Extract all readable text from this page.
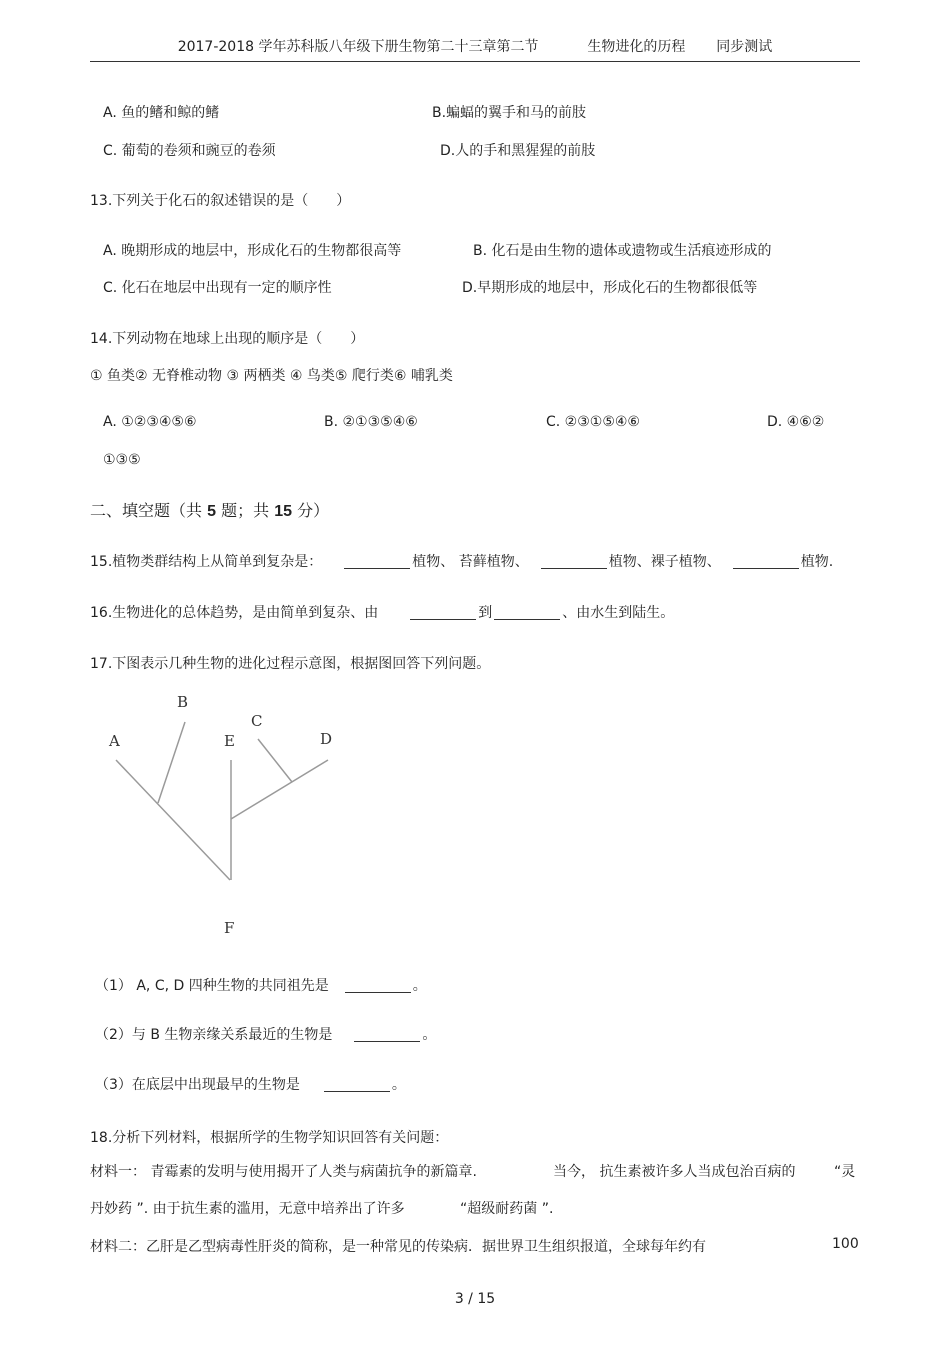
2017-2018 学年苏科版八年级下册生物第二十三章第二节	生物进化的历程 同步测试
A. 鱼的鳍和鲸的鳍	B.蝙蝠的翼手和马的前肢
C. 葡萄的卷须和豌豆的卷须	D.人的手和黑猩猩的前肢
13.下列关于化石的叙述错误的是（　　）
A. 晚期形成的地层中，形成化石的生物都很高等	B. 化石是由生物的遗体或遗物或生活痕迹形成的
C. 化石在地层中出现有一定的顺序性	D.早期形成的地层中，形成化石的生物都很低等
14.下列动物在地球上出现的顺序是（　　）
① 鱼类② 无脊椎动物 ③ 两栖类 ④ 鸟类⑤ 爬行类⑥ 哺乳类
A. ①②③④⑤⑥	B. ②①③⑤④⑥	C. ②③①⑤④⑥	D. ④⑥②
①③⑤
二、填空题（共 5 题；共 15 分）
15.植物类群结构上从简单到复杂是：	植物、 苔藓植物、	植物、裸子植物、	植物.
16.生物进化的总体趋势，是由简单到复杂、由	到	、由水生到陆生。
17.下图表示几种生物的进化过程示意图，根据图回答下列问题。
A
B
C
D
E
F
（1） A, C, D 四种生物的共同祖先是	。
（2）与 B 生物亲缘关系最近的生物是	。
（3）在底层中出现最早的生物是	。
18.分析下列材料，根据所学的生物学知识回答有关问题：
材料一： 青霉素的发明与使用揭开了人类与病菌抗争的新篇章.	当今， 抗生素被许多人当成包治百病的	“灵
丹妙药 ”. 由于抗生素的滥用，无意中培养出了许多	“超级耐药菌 ”.
材料二：乙肝是乙型病毒性肝炎的简称，是一种常见的传染病．据世界卫生组织报道，全球每年约有	100
3 / 15
